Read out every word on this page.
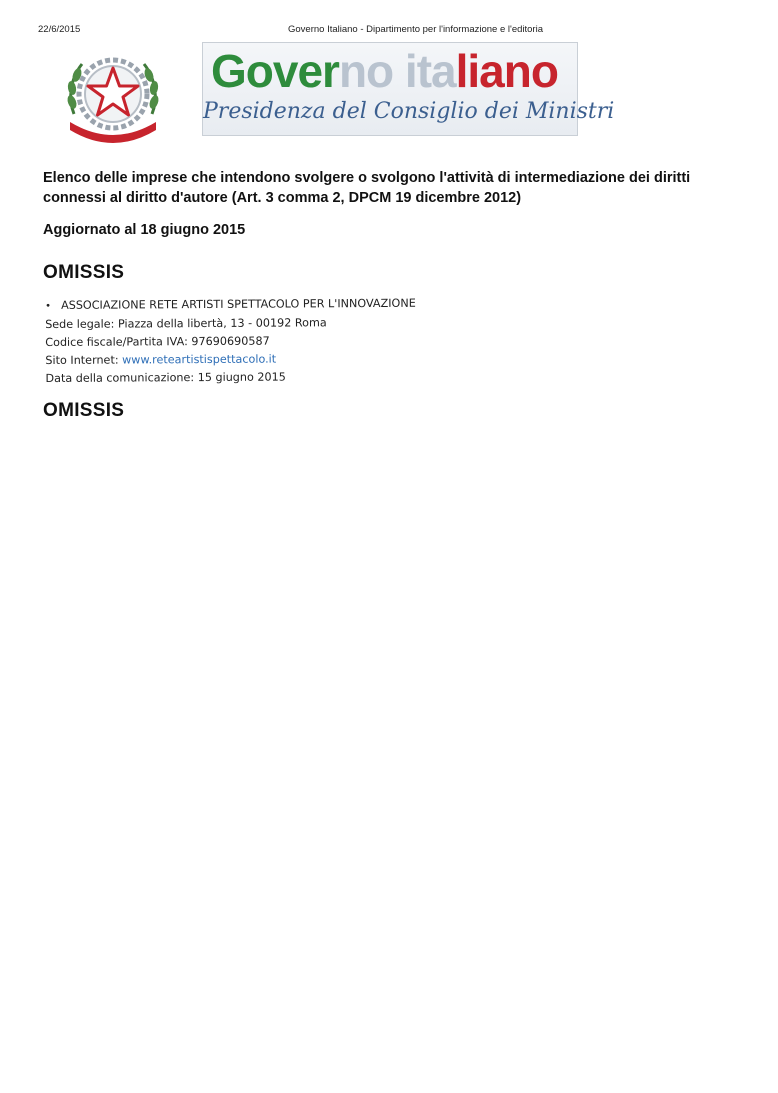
22/6/2015	Governo Italiano - Dipartimento per l'informazione e l'editoria
Governo italiano
Presidenza del Consiglio dei Ministri
Elenco delle imprese che intendono svolgere o svolgono l'attività di intermediazione dei diritti connessi al diritto d'autore (Art. 3 comma 2, DPCM 19 dicembre 2012)
Aggiornato al 18 giugno 2015
OMISSIS
• ASSOCIAZIONE RETE ARTISTI SPETTACOLO PER L'INNOVAZIONE
Sede legale: Piazza della libertà, 13 - 00192 Roma
Codice fiscale/Partita IVA: 97690690587
Sito Internet: www.reteartistispettacolo.it
Data della comunicazione: 15 giugno 2015
OMISSIS
